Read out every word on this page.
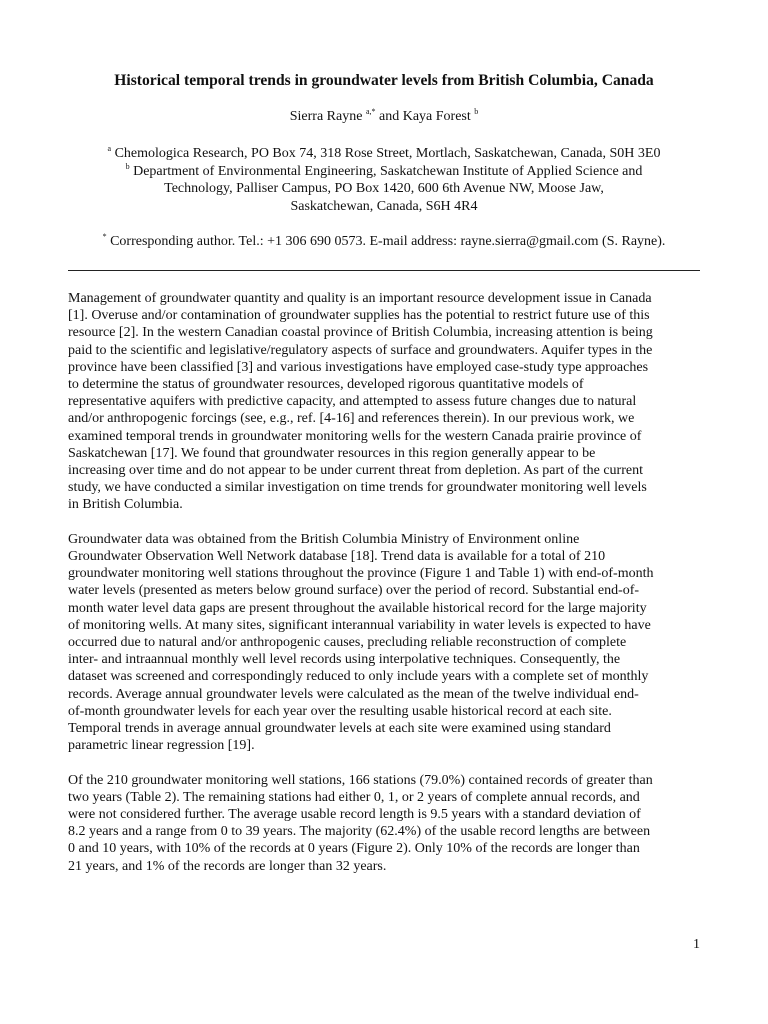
Historical temporal trends in groundwater levels from British Columbia, Canada
Sierra Rayne $^{a,*}$ and Kaya Forest $^b$
$^a$ Chemologica Research, PO Box 74, 318 Rose Street, Mortlach, Saskatchewan, Canada, S0H 3E0
$^b$ Department of Environmental Engineering, Saskatchewan Institute of Applied Science and
Technology, Palliser Campus, PO Box 1420, 600 6th Avenue NW, Moose Jaw,
Saskatchewan, Canada, S6H 4R4
* Corresponding author. Tel.: +1 306 690 0573. E-mail address: rayne.sierra@gmail.com (S. Rayne).
Management of groundwater quantity and quality is an important resource development issue in Canada
[1]. Overuse and/or contamination of groundwater supplies has the potential to restrict future use of this
resource [2]. In the western Canadian coastal province of British Columbia, increasing attention is being
paid to the scientific and legislative/regulatory aspects of surface and groundwaters. Aquifer types in the
province have been classified [3] and various investigations have employed case-study type approaches
to determine the status of groundwater resources, developed rigorous quantitative models of
representative aquifers with predictive capacity, and attempted to assess future changes due to natural
and/or anthropogenic forcings (see, e.g., ref. [4-16] and references therein). In our previous work, we
examined temporal trends in groundwater monitoring wells for the western Canada prairie province of
Saskatchewan [17]. We found that groundwater resources in this region generally appear to be
increasing over time and do not appear to be under current threat from depletion. As part of the current
study, we have conducted a similar investigation on time trends for groundwater monitoring well levels
in British Columbia.
Groundwater data was obtained from the British Columbia Ministry of Environment online
Groundwater Observation Well Network database [18]. Trend data is available for a total of 210
groundwater monitoring well stations throughout the province (Figure 1 and Table 1) with end-of-month
water levels (presented as meters below ground surface) over the period of record. Substantial end-of-
month water level data gaps are present throughout the available historical record for the large majority
of monitoring wells. At many sites, significant interannual variability in water levels is expected to have
occurred due to natural and/or anthropogenic causes, precluding reliable reconstruction of complete
inter- and intraannual monthly well level records using interpolative techniques. Consequently, the
dataset was screened and correspondingly reduced to only include years with a complete set of monthly
records. Average annual groundwater levels were calculated as the mean of the twelve individual end-
of-month groundwater levels for each year over the resulting usable historical record at each site.
Temporal trends in average annual groundwater levels at each site were examined using standard
parametric linear regression [19].
Of the 210 groundwater monitoring well stations, 166 stations (79.0%) contained records of greater than
two years (Table 2). The remaining stations had either 0, 1, or 2 years of complete annual records, and
were not considered further. The average usable record length is 9.5 years with a standard deviation of
8.2 years and a range from 0 to 39 years. The majority (62.4%) of the usable record lengths are between
0 and 10 years, with 10% of the records at 0 years (Figure 2). Only 10% of the records are longer than
21 years, and 1% of the records are longer than 32 years.
1
